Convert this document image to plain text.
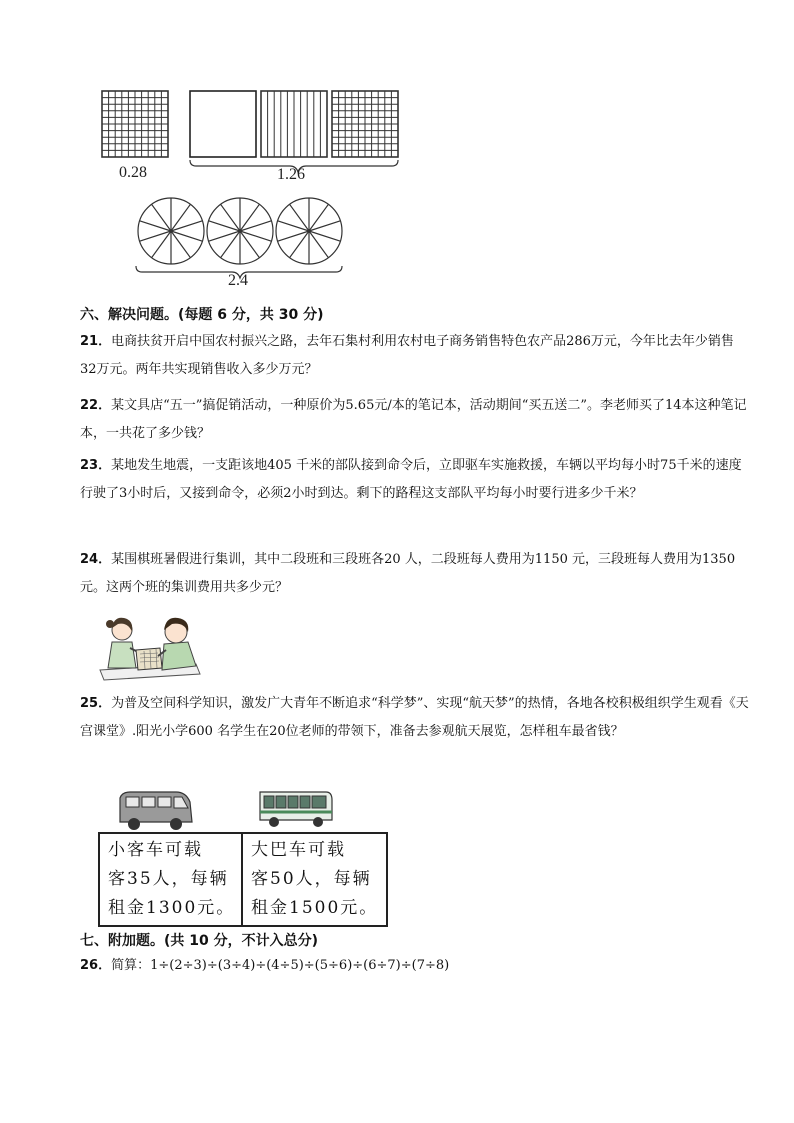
0.28	1.26
2.4
六、解决问题。(每题 6 分，共 30 分)
21 ． 电商扶贫开启中国农村振兴之路，去年石集村利用农村电子商务销售特色农产品286万元，今年比去年少销售32万元。两年共实现销售收入多少万元？
22 ． 某文具店“五一”搞促销活动，一种原价为5.65元/本的笔记本，活动期间“买五送二”。李老师买了14本这种笔记本，一共花了多少钱？
23 ． 某地发生地震，一支距该地405 千米的部队接到命令后，立即驱车实施救援，车辆以平均每小时75千米的速度行驶了3小时后，又接到命令，必须2小时到达。剩下的路程这支部队平均每小时要行进多少千米？
24 ． 某围棋班暑假进行集训，其中二段班和三段班各20 人，二段班每人费用为1150 元，三段班每人费用为1350 元。这两个班的集训费用共多少元？
25 ． 为普及空间科学知识，激发广大青年不断追求“科学梦”、实现“航天梦”的热情，各地各校积极组织学生观看《天宫课堂》.阳光小学600 名学生在20位老师的带领下，准备去参观航天展览，怎样租车最省钱？
小客车可载
客35人，每辆
租金1300元。
大巴车可载
客50人，每辆
租金1500元。
七、附加题。(共 10 分，不计入总分)
26 ． 简算：1÷(2÷3)÷(3÷4)÷(4÷5)÷(5÷6)÷(6÷7)÷(7÷8)
